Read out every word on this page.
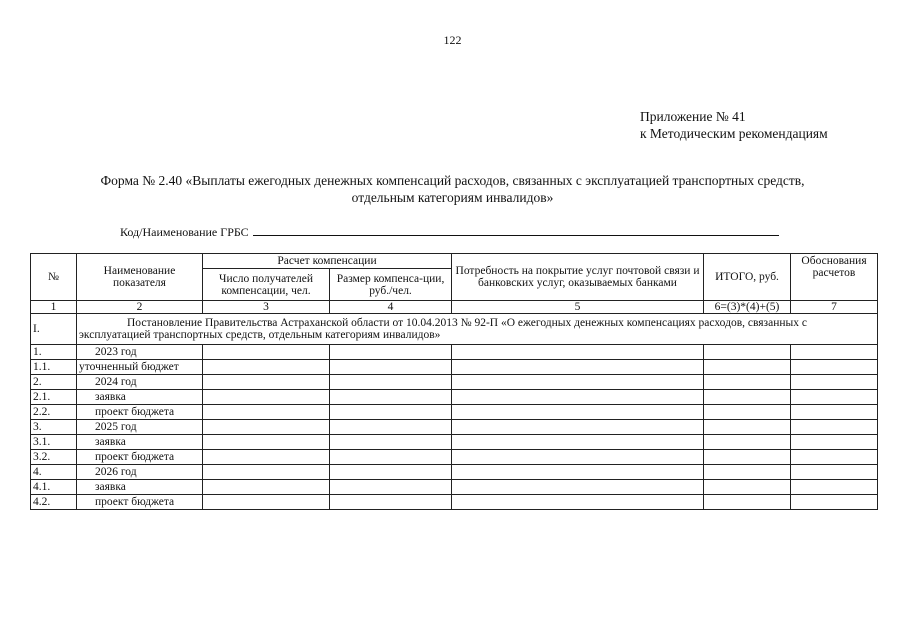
122
Приложение № 41
к Методическим рекомендациям
Форма № 2.40 «Выплаты ежегодных денежных компенсаций расходов, связанных с эксплуатацией транспортных средств,
отдельным категориям инвалидов»
Код/Наименование ГРБС
№	Наименование показателя	Расчет компенсации		Потребность на покрытие услуг почтовой связи и банковских услуг, оказываемых банками	ИТОГО, руб.	Обоснования расчетов
		Число получателей компенсации, чел.	Размер компенса-ции, руб./чел.			
1	2	3	4	5	6=(3)*(4)+(5)	7
I.	Постановление Правительства Астраханской области от 10.04.2013 № 92-П «О ежегодных денежных компенсациях расходов, связанных с эксплуатацией транспортных средств, отдельным категориям инвалидов»					
1.	2023 год					
1.1.	уточненный бюджет					
2.	2024 год					
2.1.	заявка					
2.2.	проект бюджета					
3.	2025 год					
3.1.	заявка					
3.2.	проект бюджета					
4.	2026 год					
4.1.	заявка					
4.2.	проект бюджета					
